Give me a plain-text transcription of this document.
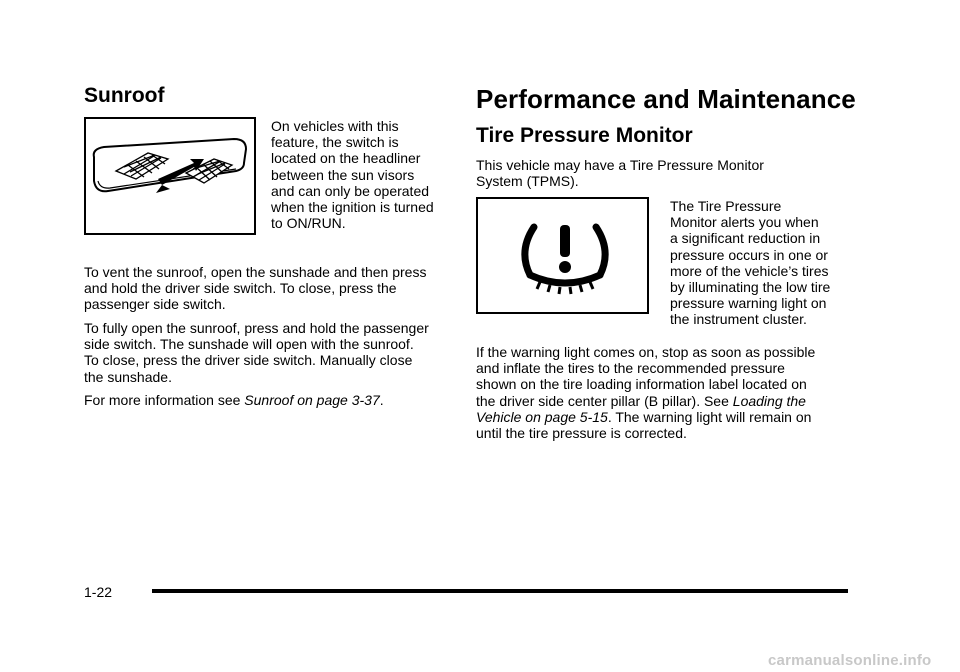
Sunroof
On vehicles with this
feature, the switch is
located on the headliner
between the sun visors
and can only be operated
when the ignition is turned
to ON/RUN.
To vent the sunroof, open the sunshade and then press
and hold the driver side switch. To close, press the
passenger side switch.
To fully open the sunroof, press and hold the passenger
side switch. The sunshade will open with the sunroof.
To close, press the driver side switch. Manually close
the sunshade.
For more information see Sunroof on page 3-37.
Performance and Maintenance
Tire Pressure Monitor
This vehicle may have a Tire Pressure Monitor
System (TPMS).
The Tire Pressure
Monitor alerts you when
a significant reduction in
pressure occurs in one or
more of the vehicle’s tires
by illuminating the low tire
pressure warning light on
the instrument cluster.
If the warning light comes on, stop as soon as possible
and inflate the tires to the recommended pressure
shown on the tire loading information label located on
the driver side center pillar (B pillar). See Loading the
Vehicle on page 5-15. The warning light will remain on
until the tire pressure is corrected.
1-22
carmanualsonline.info
